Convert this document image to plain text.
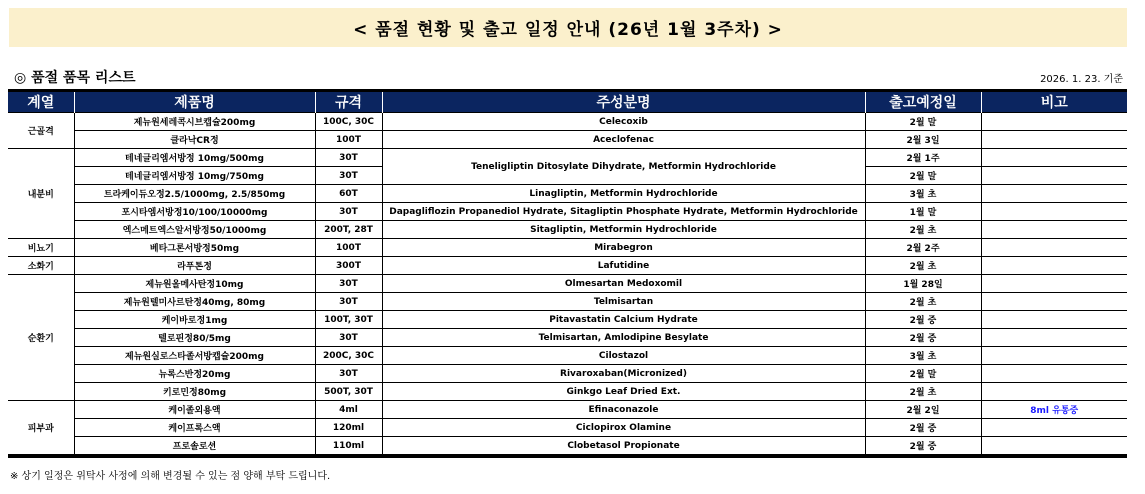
< 품절 현황 및 출고 일정 안내 (26년 1월 3주차) >
◎ 품절 품목 리스트	2026. 1. 23. 기준
계열	제품명	규격	주성분명	출고예정일	비고
근골격	제뉴원세레콕시브캡슐200mg	100C, 30C	Celecoxib	2월 말	
	클라낙CR정	100T	Aceclofenac	2월 3일	
내분비	테네글리엠서방정 10mg/500mg	30T	Teneligliptin Ditosylate Dihydrate, Metformin Hydrochloride	2월 1주	
	테네글리엠서방정 10mg/750mg	30T		2월 말	
	트라케이듀오정2.5/1000mg, 2.5/850mg	60T	Linagliptin, Metformin Hydrochloride	3월 초	
	포시타엠서방정10/100/10000mg	30T	Dapagliflozin Propanediol Hydrate, Sitagliptin Phosphate Hydrate, Metformin Hydrochloride	1월 말	
	엑스메트엑스알서방정50/1000mg	200T, 28T	Sitagliptin, Metformin Hydrochloride	2월 초	
비뇨기	베타그론서방정50mg	100T	Mirabegron	2월 2주	
소화기	라푸톤정	300T	Lafutidine	2월 초	
순환기	제뉴원올메사탄정10mg	30T	Olmesartan Medoxomil	1월 28일	
	제뉴원텔미사르탄정40mg, 80mg	30T	Telmisartan	2월 초	
	케이바로정1mg	100T, 30T	Pitavastatin Calcium Hydrate	2월 중	
	텔로핀정80/5mg	30T	Telmisartan, Amlodipine Besylate	2월 중	
	제뉴원실로스타졸서방캡슐200mg	200C, 30C	Cilostazol	3월 초	
	뉴록스반정20mg	30T	Rivaroxaban(Micronized)	2월 말	
	키로민정80mg	500T, 30T	Ginkgo Leaf Dried Ext.	2월 초	
피부과	케이졸외용액	4ml	Efinaconazole	2월 2일	8ml 유통중
	케이프록스액	120ml	Ciclopirox Olamine	2월 중	
	프로솔로션	110ml	Clobetasol Propionate	2월 중	
※ 상기 일정은 위탁사 사정에 의해 변경될 수 있는 점 양해 부탁 드립니다.
